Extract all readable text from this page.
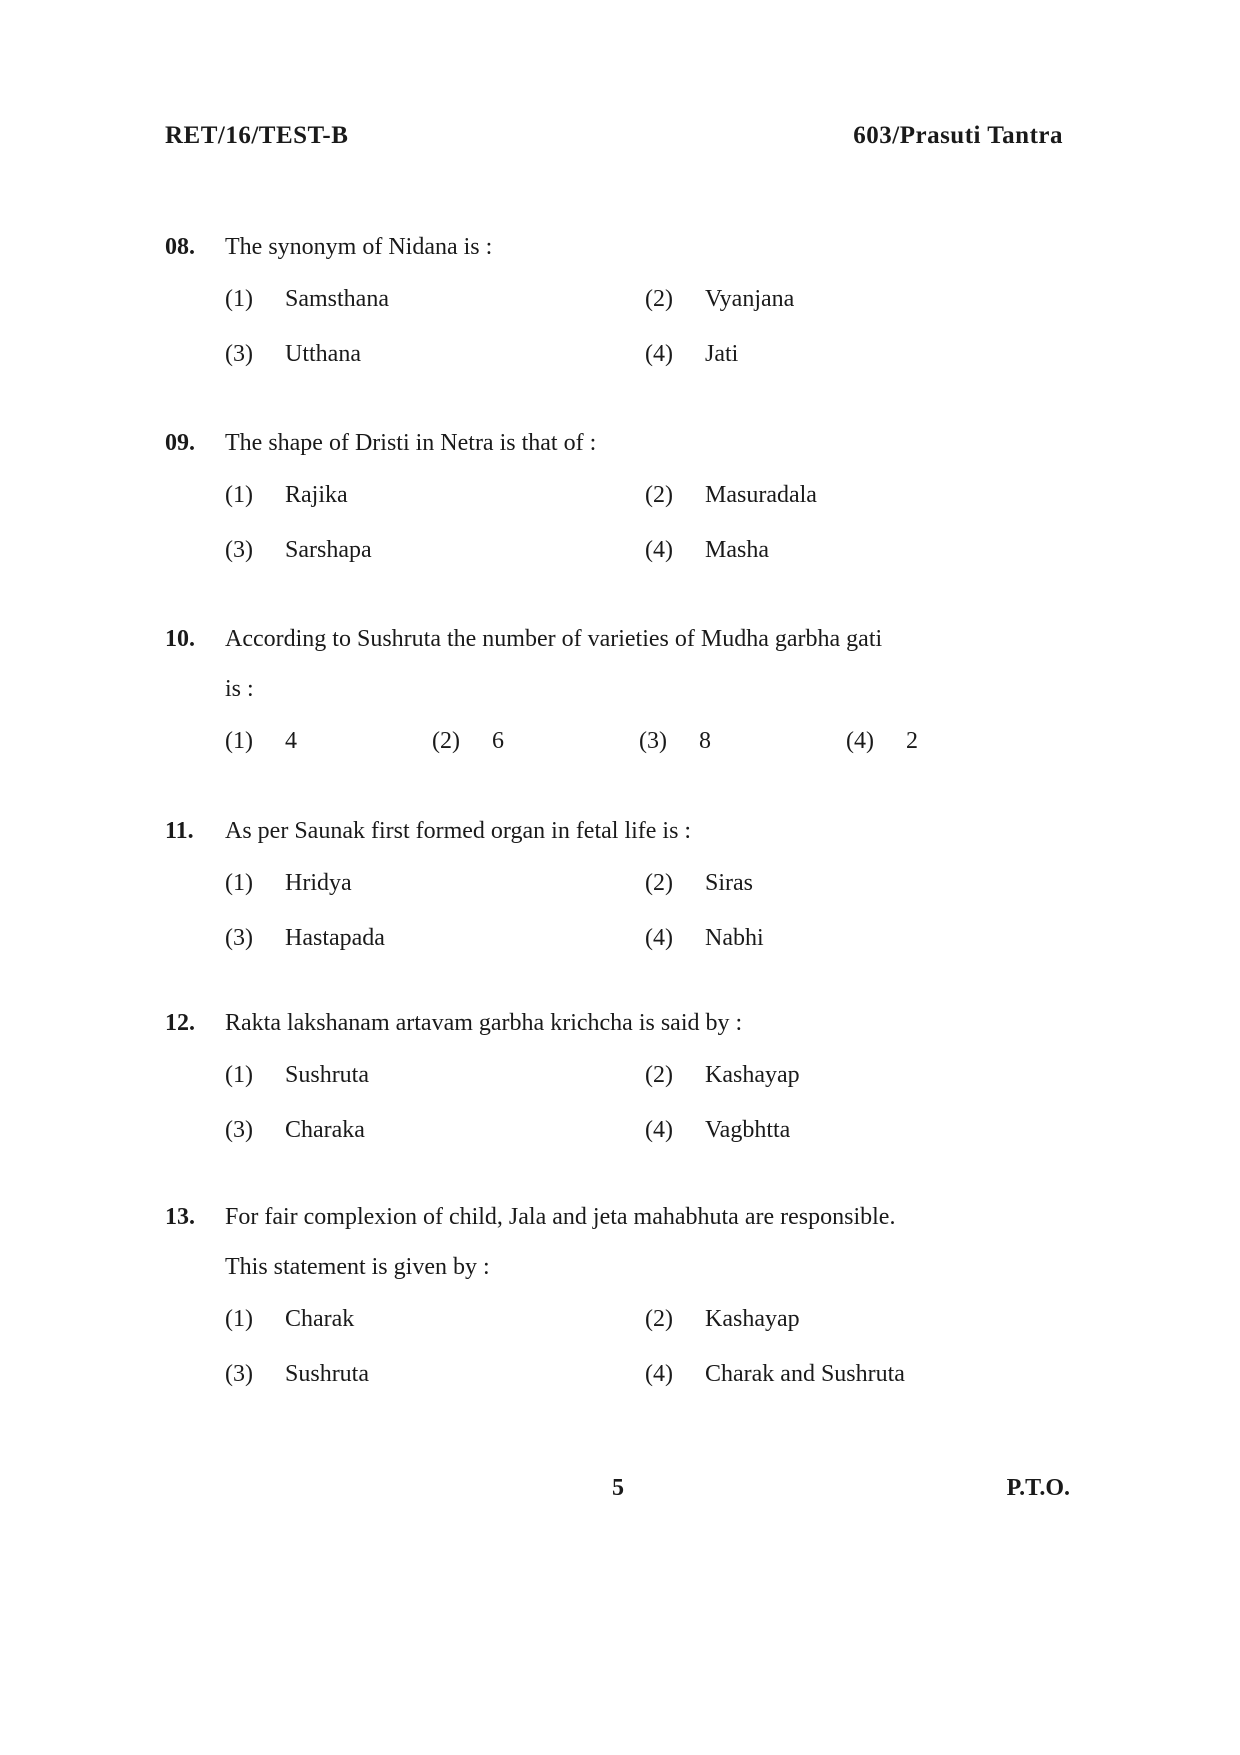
RET/16/TEST-B	603/Prasuti Tantra
08.	The synonym of Nidana is :
(1)	Samsthana	(2)	Vyanjana
(3)	Utthana	(4)	Jati
09.	The shape of Dristi in Netra is that of :
(1)	Rajika	(2)	Masuradala
(3)	Sarshapa	(4)	Masha
10.	According to Sushruta the number of varieties of Mudha garbha gati
is :
(1)	4	(2)	6	(3)	8	(4)	2
11.	As per Saunak first formed organ in fetal life is :
(1)	Hridya	(2)	Siras
(3)	Hastapada	(4)	Nabhi
12.	Rakta lakshanam artavam garbha krichcha is said by :
(1)	Sushruta	(2)	Kashayap
(3)	Charaka	(4)	Vagbhtta
13.	For fair complexion of child, Jala and jeta mahabhuta are responsible.
This statement is given by :
(1)	Charak	(2)	Kashayap
(3)	Sushruta	(4)	Charak and Sushruta
5	P.T.O.
